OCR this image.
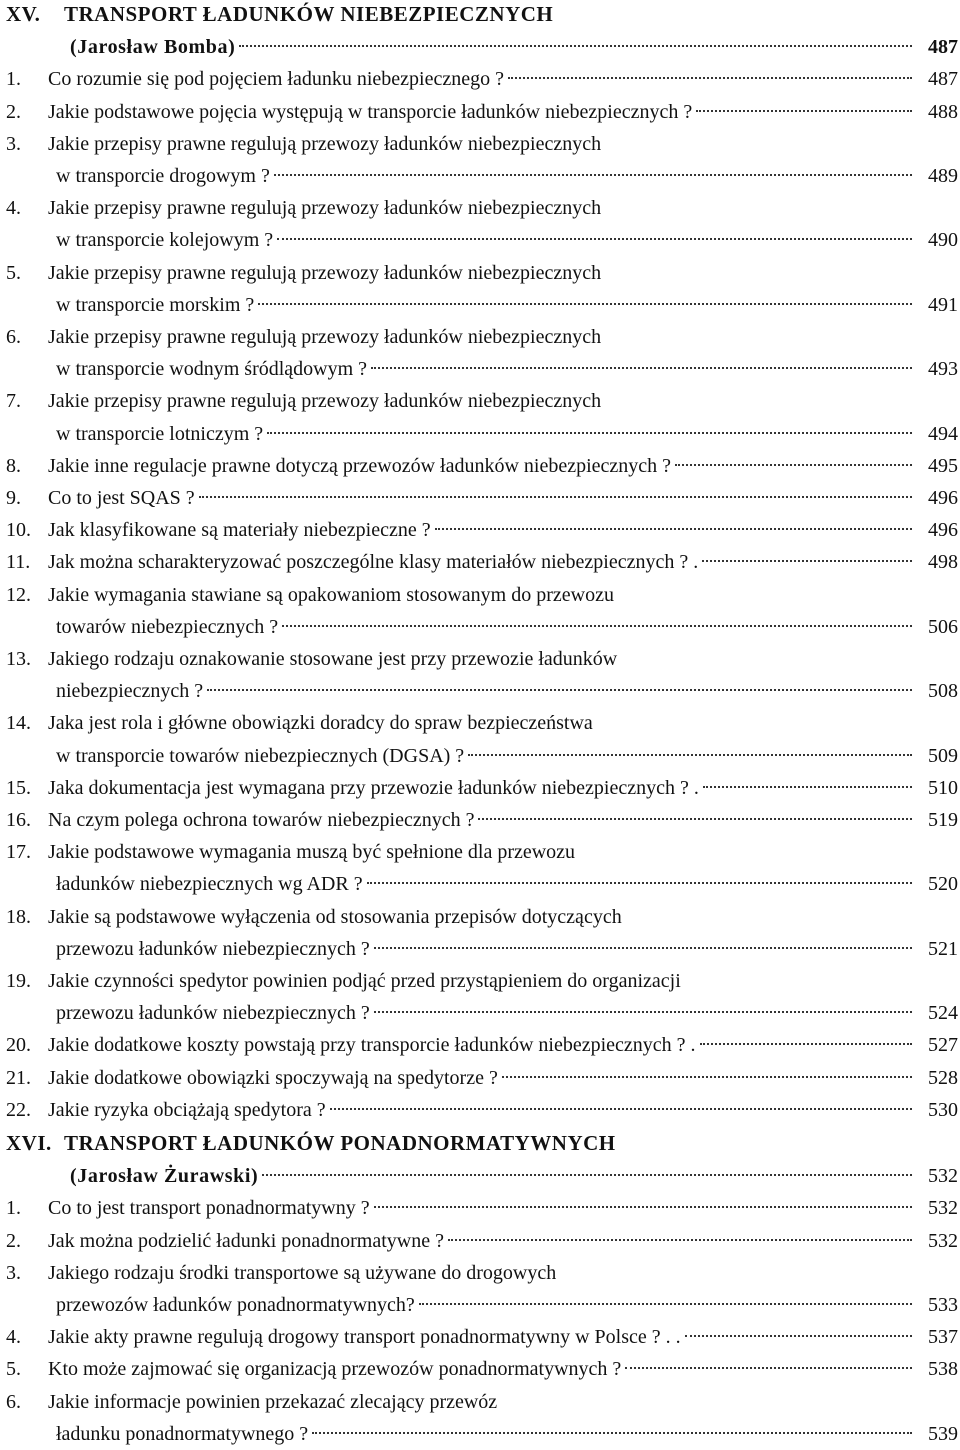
XV. TRANSPORT ŁADUNKÓW NIEBEZPIECZNYCH
(Jarosław Bomba)	487
1.	Co rozumie się pod pojęciem ładunku niebezpiecznego ?	487
2.	Jakie podstawowe pojęcia występują w transporcie ładunków niebezpiecznych ?	488
3.	Jakie przepisy prawne regulują przewozy ładunków niebezpiecznych
w transporcie drogowym ?	489
4.	Jakie przepisy prawne regulują przewozy ładunków niebezpiecznych
w transporcie kolejowym ?	490
5.	Jakie przepisy prawne regulują przewozy ładunków niebezpiecznych
w transporcie morskim ?	491
6.	Jakie przepisy prawne regulują przewozy ładunków niebezpiecznych
w transporcie wodnym śródlądowym ?	493
7.	Jakie przepisy prawne regulują przewozy ładunków niebezpiecznych
w transporcie lotniczym ?	494
8.	Jakie inne regulacje prawne dotyczą przewozów ładunków niebezpiecznych ?	495
9.	Co to jest SQAS ?	496
10. Jak klasyfikowane są materiały niebezpieczne ?	496
11. Jak można scharakteryzować poszczególne klasy materiałów niebezpiecznych ? .	498
12. Jakie wymagania stawiane są opakowaniom stosowanym do przewozu
towarów niebezpiecznych ?	506
13. Jakiego rodzaju oznakowanie stosowane jest przy przewozie ładunków
niebezpiecznych ?	508
14. Jaka jest rola i główne obowiązki doradcy do spraw bezpieczeństwa
w transporcie towarów niebezpiecznych (DGSA) ?	509
15. Jaka dokumentacja jest wymagana przy przewozie ładunków niebezpiecznych ? .	510
16. Na czym polega ochrona towarów niebezpiecznych ?	519
17. Jakie podstawowe wymagania muszą być spełnione dla przewozu
ładunków niebezpiecznych wg ADR ?	520
18. Jakie są podstawowe wyłączenia od stosowania przepisów dotyczących
przewozu ładunków niebezpiecznych ?	521
19. Jakie czynności spedytor powinien podjąć przed przystąpieniem do organizacji
przewozu ładunków niebezpiecznych ?	524
20. Jakie dodatkowe koszty powstają przy transporcie ładunków niebezpiecznych ? .	527
21. Jakie dodatkowe obowiązki spoczywają na spedytorze ?	528
22. Jakie ryzyka obciążają spedytora ?	530
XVI. TRANSPORT ŁADUNKÓW PONADNORMATYWNYCH
(Jarosław Żurawski)	532
1.	Co to jest transport ponadnormatywny ?	532
2.	Jak można podzielić ładunki ponadnormatywne ?	532
3.	Jakiego rodzaju środki transportowe są używane do drogowych
przewozów ładunków ponadnormatywnych?	533
4.	Jakie akty prawne regulują drogowy transport ponadnormatywny w Polsce ? . .	537
5.	Kto może zajmować się organizacją przewozów ponadnormatywnych ?	538
6.	Jakie informacje powinien przekazać zlecający przewóz
ładunku ponadnormatywnego ?	539
